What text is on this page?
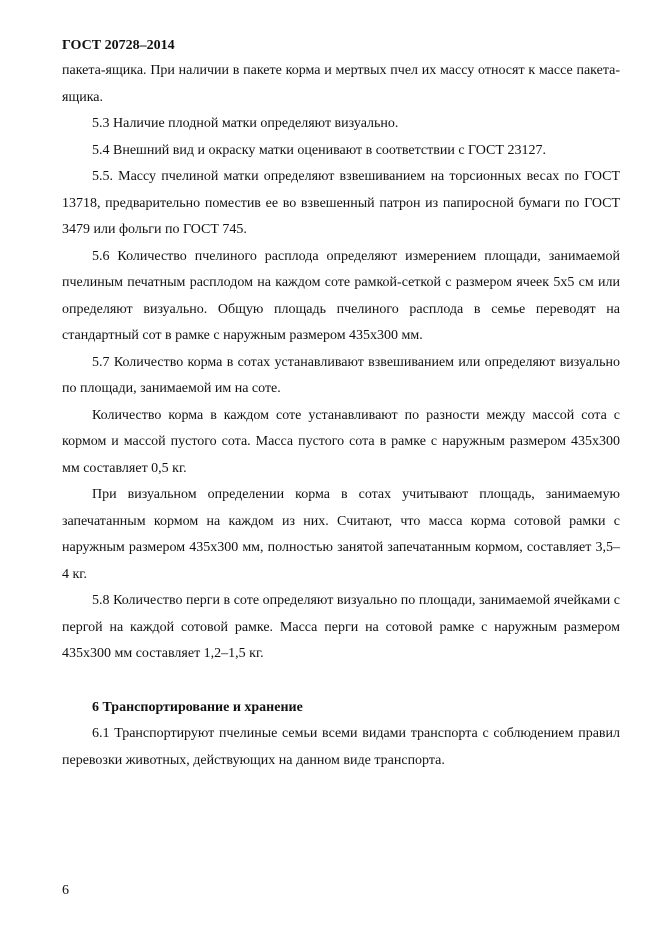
ГОСТ 20728–2014

пакета-ящика. При наличии в пакете корма и мертвых пчел их массу относят к массе пакета-ящика.

5.3 Наличие плодной матки определяют визуально.

5.4 Внешний вид и окраску матки оценивают в соответствии с ГОСТ 23127.

5.5. Массу пчелиной матки определяют взвешиванием на торсионных весах по ГОСТ 13718, предварительно поместив ее во взвешенный патрон из папиросной бумаги по ГОСТ 3479 или фольги по ГОСТ 745.

5.6 Количество пчелиного расплода определяют измерением площади, занимаемой пчелиным печатным расплодом на каждом соте рамкой-сеткой с размером ячеек 5х5 см или определяют визуально. Общую площадь пчелиного расплода в семье переводят на стандартный сот в рамке с наружным размером 435х300 мм.

5.7 Количество корма в сотах устанавливают взвешиванием или определяют визуально по площади, занимаемой им на соте.

Количество корма в каждом соте устанавливают по разности между массой сота с кормом и массой пустого сота. Масса пустого сота в рамке с наружным размером 435х300 мм составляет 0,5 кг.

При визуальном определении корма в сотах учитывают площадь, занимаемую запечатанным кормом на каждом из них. Считают, что масса корма сотовой рамки с наружным размером 435х300 мм, полностью занятой запечатанным кормом, составляет 3,5–4 кг.

5.8 Количество перги в соте определяют визуально по площади, занимаемой ячейками с пергой на каждой сотовой рамке. Масса перги на сотовой рамке с наружным размером 435х300 мм составляет 1,2–1,5 кг.

6 Транспортирование и хранение

6.1 Транспортируют пчелиные семьи всеми видами транспорта с соблюдением правил перевозки животных, действующих на данном виде транспорта.

6
